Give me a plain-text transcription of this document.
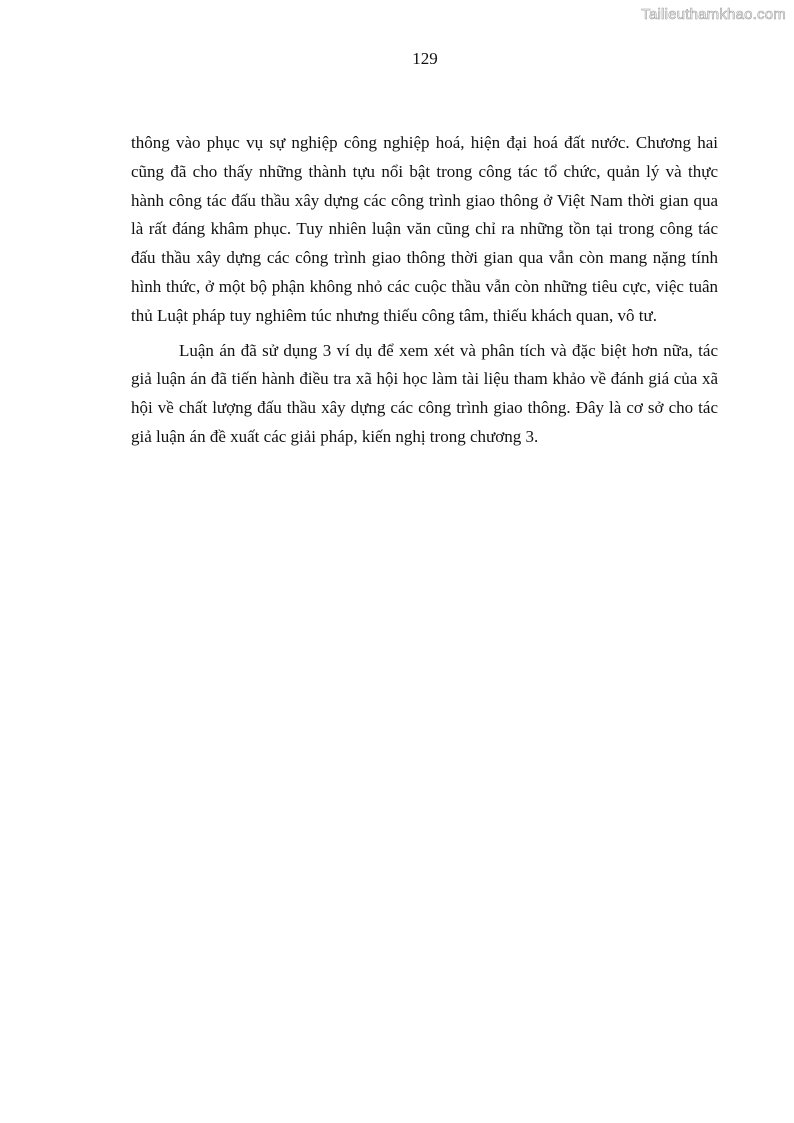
Tailieuthamkhao.com
129

thông vào phục vụ sự nghiệp công nghiệp hoá, hiện đại hoá đất nước. Chương hai cũng đã cho thấy những thành tựu nổi bật trong công tác tổ chức, quản lý và thực hành công tác đấu thầu xây dựng các công trình giao thông ở Việt Nam thời gian qua là rất đáng khâm phục. Tuy nhiên luận văn cũng chỉ ra những tồn tại trong công tác đấu thầu xây dựng các công trình giao thông thời gian qua vẫn còn mang nặng tính hình thức, ở một bộ phận không nhỏ các cuộc thầu vẫn còn những tiêu cực, việc tuân thủ Luật pháp tuy nghiêm túc nhưng thiếu công tâm, thiếu khách quan, vô tư.

Luận án đã sử dụng 3 ví dụ để xem xét và phân tích và đặc biệt hơn nữa, tác giả luận án đã tiến hành điều tra xã hội học làm tài liệu tham khảo về đánh giá của xã hội về chất lượng đấu thầu xây dựng các công trình giao thông. Đây là cơ sở cho tác giả luận án đề xuất các giải pháp, kiến nghị trong chương 3.
